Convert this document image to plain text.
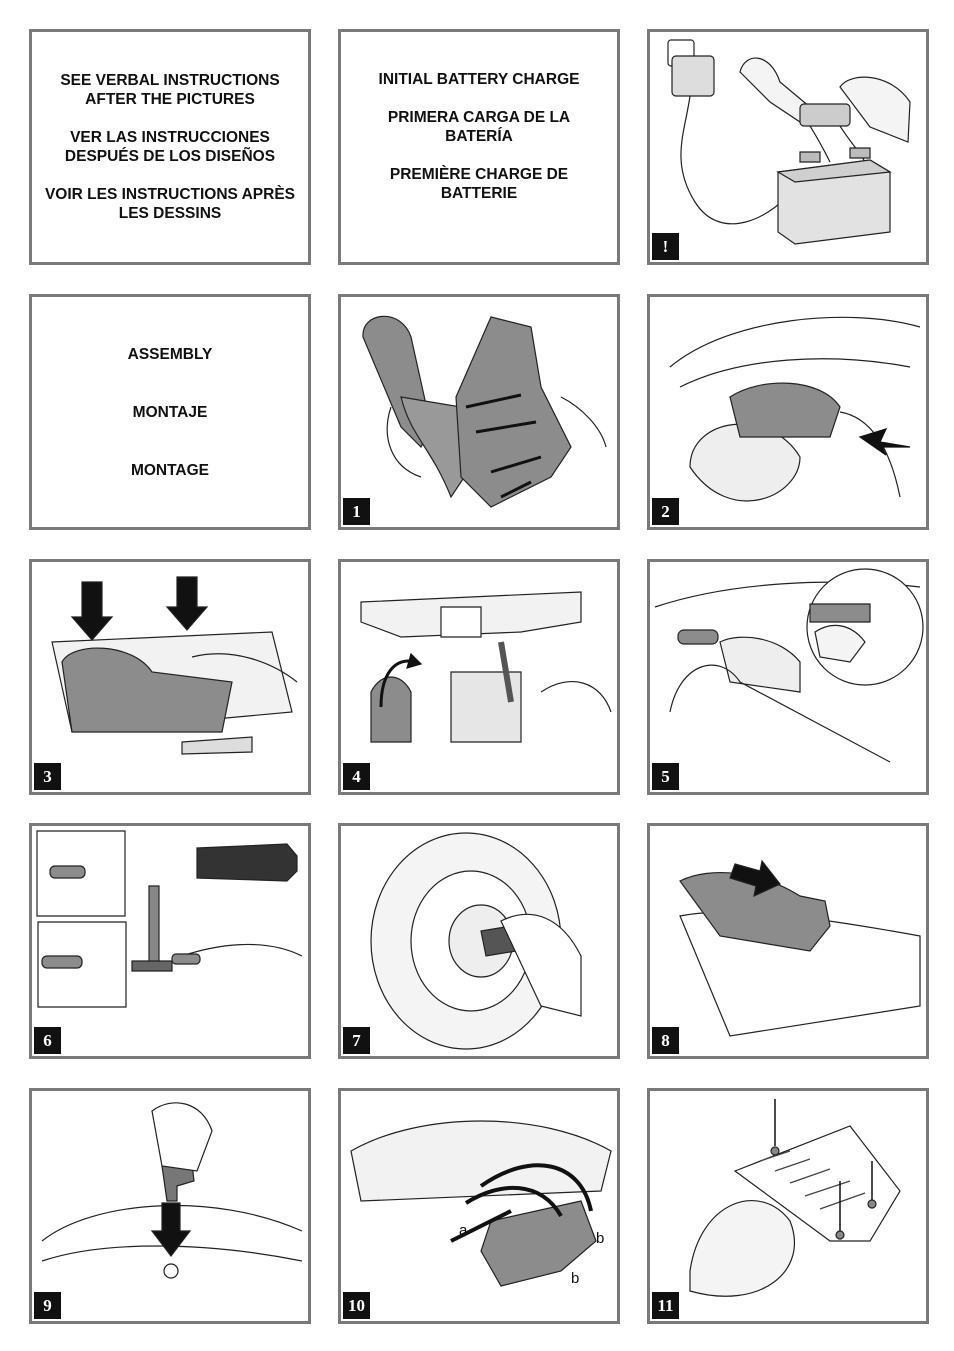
SEE VERBAL INSTRUCTIONS
AFTER THE PICTURES
VER LAS INSTRUCCIONES
DESPUÉS DE LOS DISEÑOS
VOIR LES INSTRUCTIONS APRÈS
LES DESSINS
INITIAL BATTERY CHARGE
PRIMERA CARGA DE LA
BATERÍA
PREMIÈRE CHARGE DE
BATTERIE
!
ASSEMBLY
MONTAJE
MONTAGE
1	2
3	4	5
6	7	8
9
a	b
b
10	11
